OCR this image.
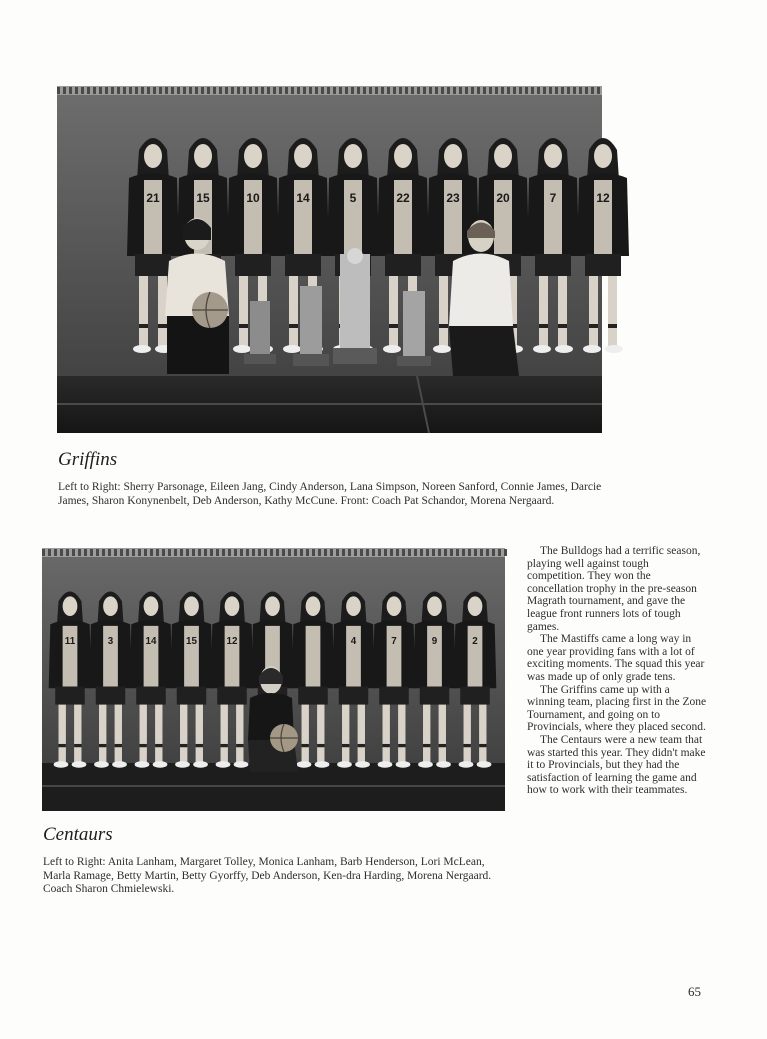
21	15	10	14	5	22	23	20	7	12
Griffins

Left to Right: Sherry Parsonage, Eileen Jang, Cindy Anderson, Lana Simpson, Noreen Sanford, Connie James, Darcie James, Sharon Konynenbelt, Deb Anderson, Kathy McCune. Front: Coach Pat Schandor, Morena Nergaard.

11	3	14	15	12	4	7	9	2
Centaurs

Left to Right: Anita Lanham, Margaret Tolley, Monica Lanham, Barb Henderson, Lori McLean, Marla Ramage, Betty Martin, Betty Gyorffy, Deb Anderson, Ken-dra Harding, Morena Nergaard. Coach Sharon Chmielewski.

The Bulldogs had a terrific season, playing well against tough competition. They won the concellation trophy in the pre-season Magrath tournament, and gave the league front runners lots of tough games.

The Mastiffs came a long way in one year providing fans with a lot of exciting moments. The squad this year was made up of only grade tens.

The Griffins came up with a winning team, placing first in the Zone Tournament, and going on to Provincials, where they placed second.

The Centaurs were a new team that was started this year. They didn't make it to Provincials, but they had the satisfaction of learning the game and how to work with their teammates.

65
